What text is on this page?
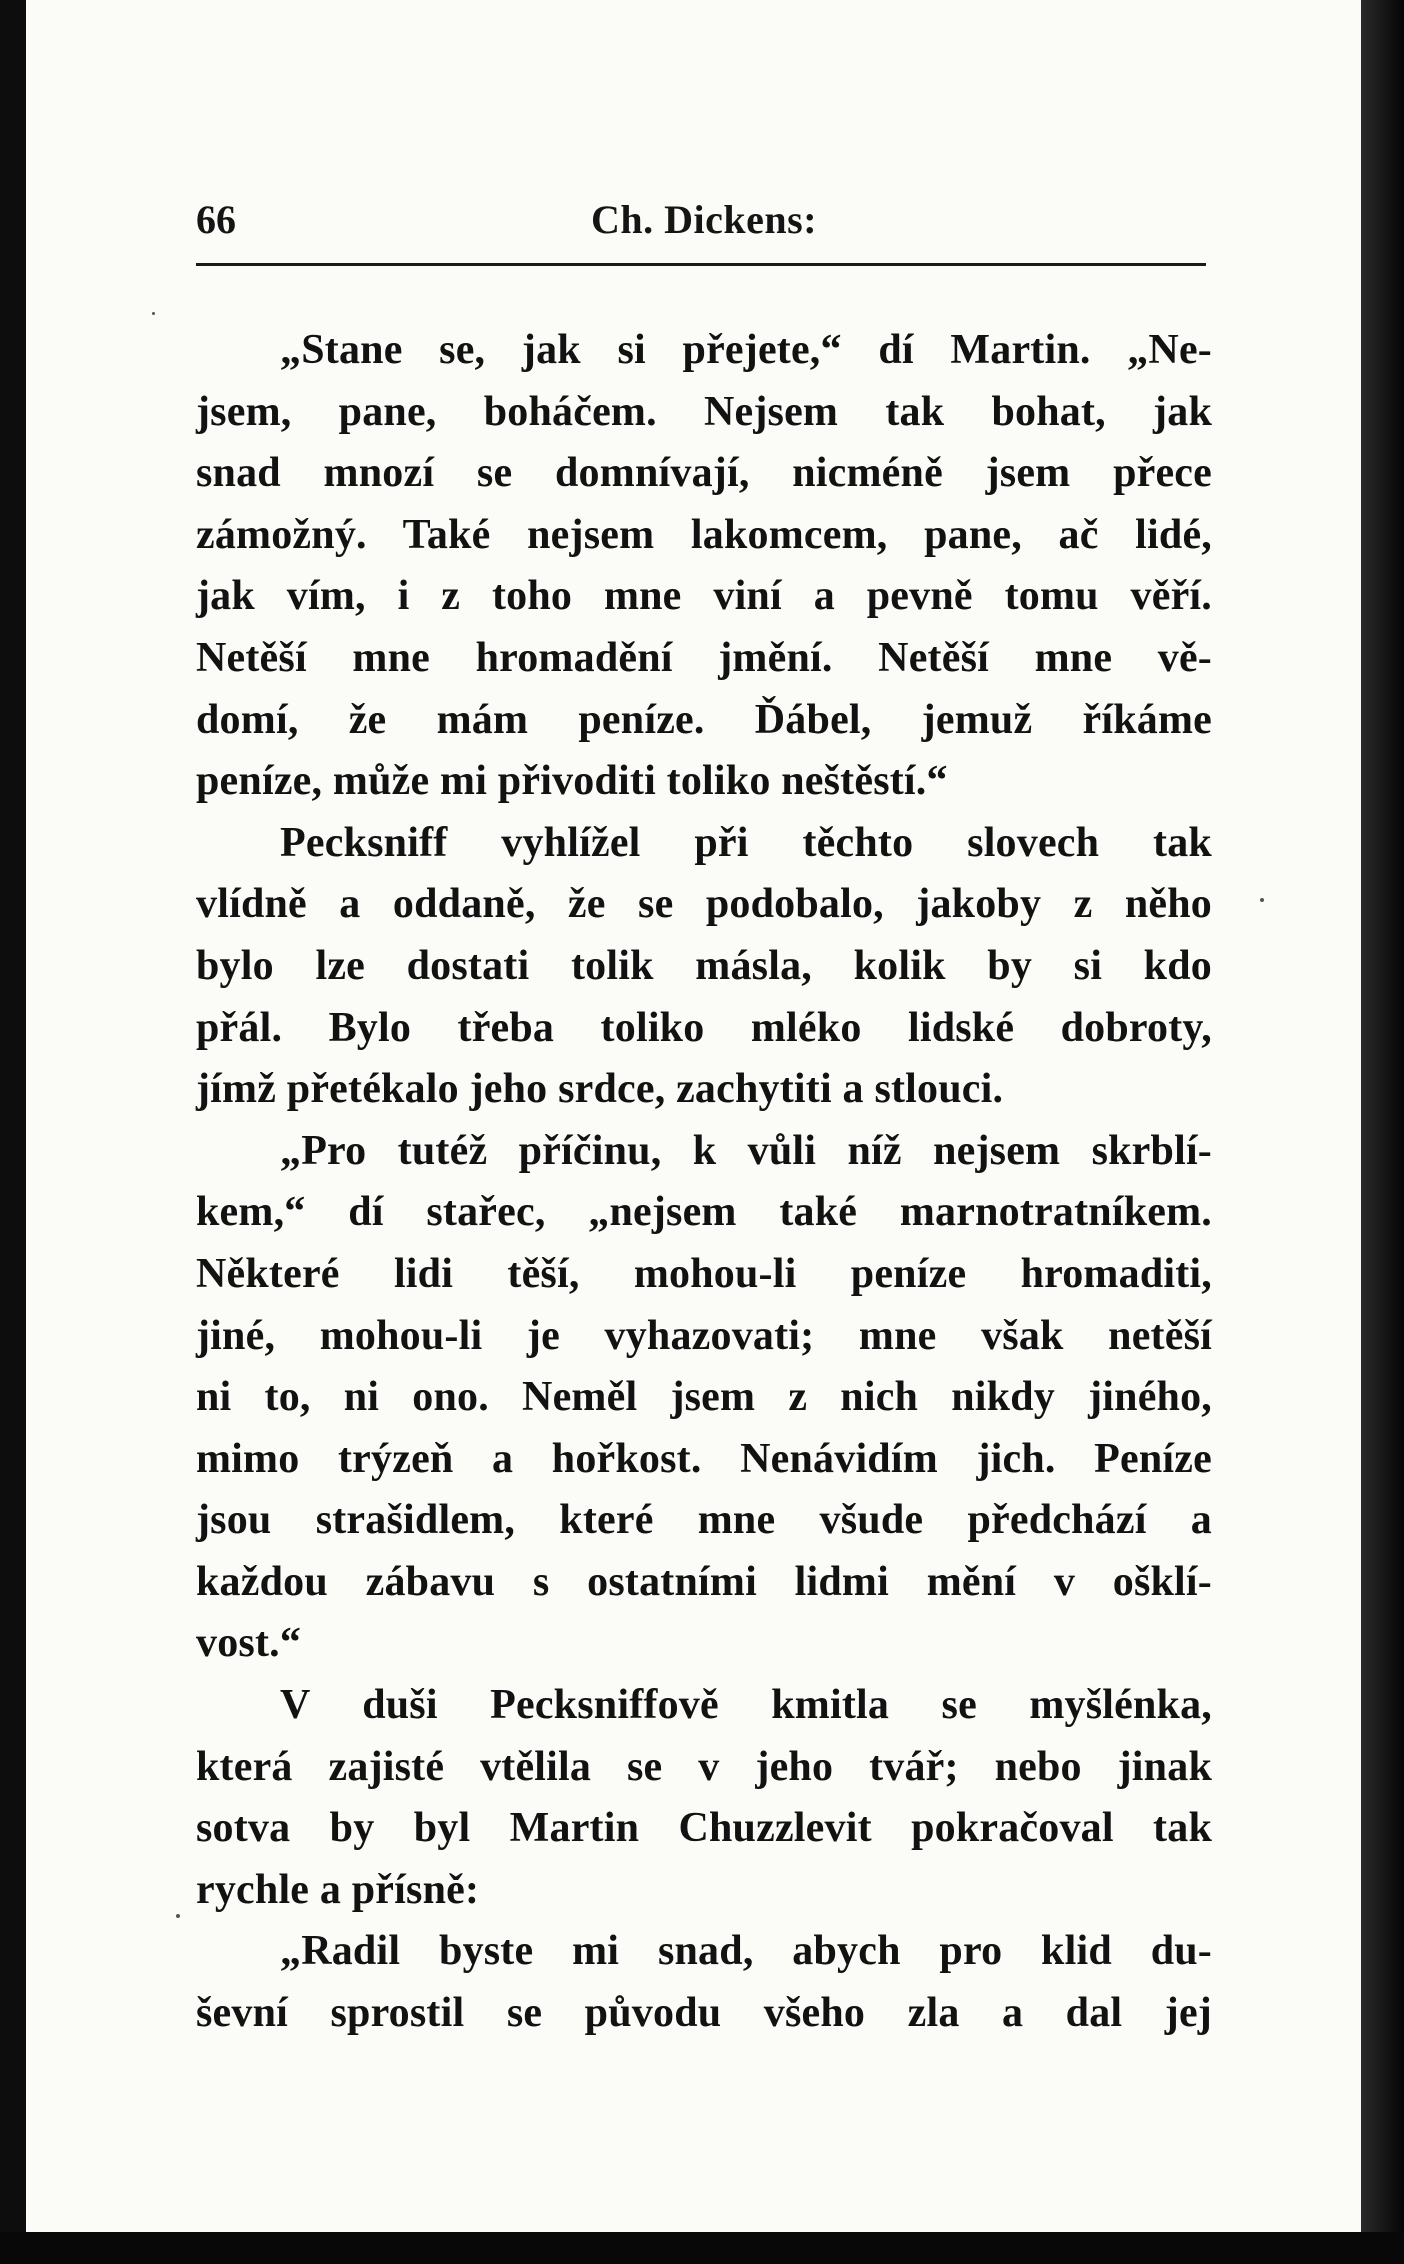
66	Ch. Dickens:
„Stane se, jak si přejete,“ dí Martin. „Ne-
jsem, pane, boháčem. Nejsem tak bohat, jak
snad mnozí se domnívají, nicméně jsem přece
zámožný. Také nejsem lakomcem, pane, ač lidé,
jak vím, i z toho mne viní a pevně tomu věří.
Netěší mne hromadění jmění. Netěší mne vě-
domí, že mám peníze. Ďábel, jemuž říkáme
peníze, může mi přivoditi toliko neštěstí.“
Pecksniff vyhlížel při těchto slovech tak
vlídně a oddaně, že se podobalo, jakoby z něho
bylo lze dostati tolik másla, kolik by si kdo
přál. Bylo třeba toliko mléko lidské dobroty,
jímž přetékalo jeho srdce, zachytiti a stlouci.
„Pro tutéž příčinu, k vůli níž nejsem skrblí-
kem,“ dí stařec, „nejsem také marnotratníkem.
Některé lidi těší, mohou-li peníze hromaditi,
jiné, mohou-li je vyhazovati; mne však netěší
ni to, ni ono. Neměl jsem z nich nikdy jiného,
mimo trýzeň a hořkost. Nenávidím jich. Peníze
jsou strašidlem, které mne všude předchází a
každou zábavu s ostatními lidmi mění v ošklí-
vost.“
V duši Pecksniffově kmitla se myšlénka,
která zajisté vtělila se v jeho tvář; nebo jinak
sotva by byl Martin Chuzzlevit pokračoval tak
rychle a přísně:
„Radil byste mi snad, abych pro klid du-
ševní sprostil se původu všeho zla a dal jej
